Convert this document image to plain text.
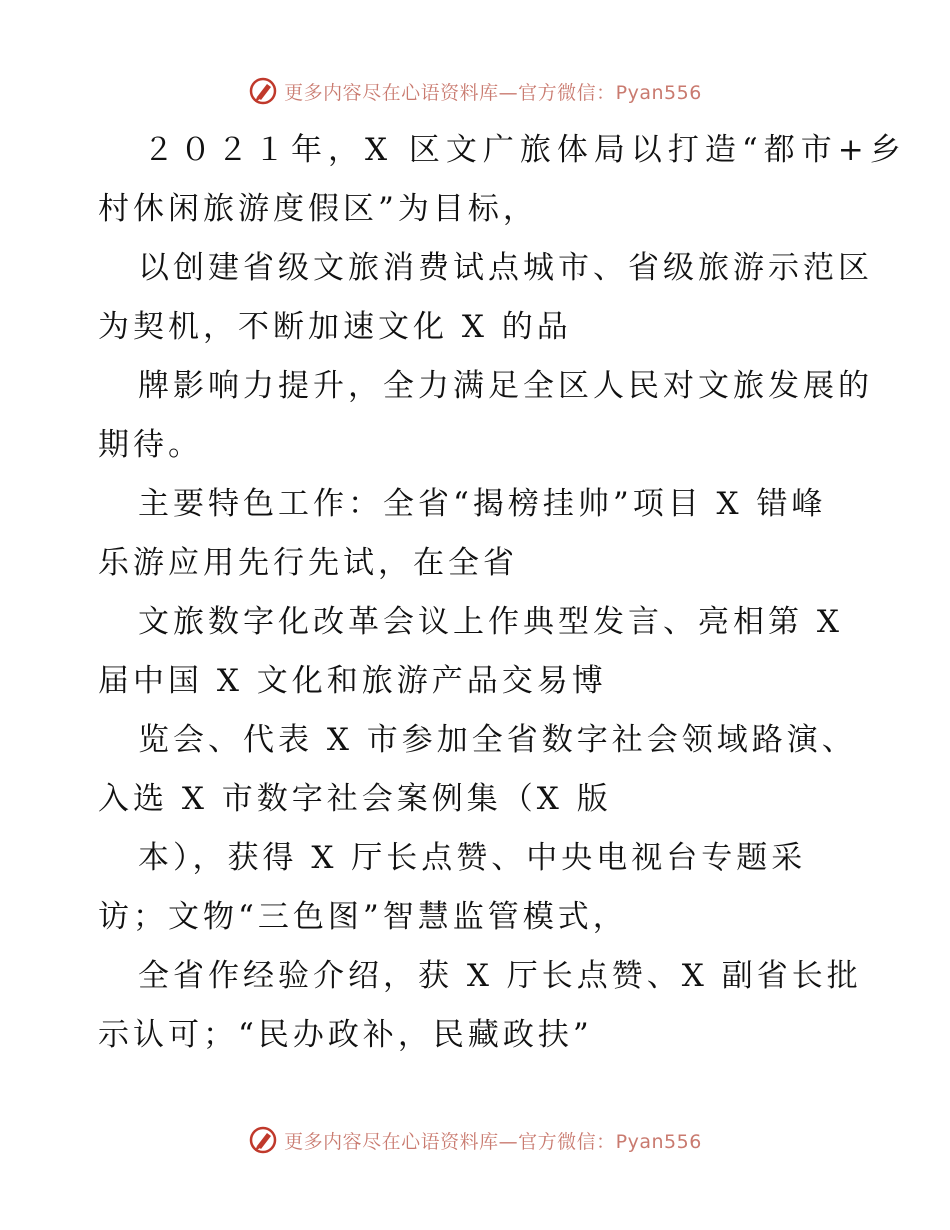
更多内容尽在心语资料库—官方微信：Pyan556
２０２１年，X 区文广旅体局以打造“都市+乡
村休闲旅游度假区”为目标，
以创建省级文旅消费试点城市、省级旅游示范区
为契机，不断加速文化 X 的品
牌影响力提升，全力满足全区人民对文旅发展的
期待。
主要特色工作：全省“揭榜挂帅”项目 X 错峰
乐游应用先行先试，在全省
文旅数字化改革会议上作典型发言、亮相第 X
届中国 X 文化和旅游产品交易博
览会、代表 X 市参加全省数字社会领域路演、
入选 X 市数字社会案例集（X 版
本），获得 X 厅长点赞、中央电视台专题采
访；文物“三色图”智慧监管模式，
全省作经验介绍，获 X 厅长点赞、X 副省长批
示认可；“民办政补，民藏政扶”
更多内容尽在心语资料库—官方微信：Pyan556
